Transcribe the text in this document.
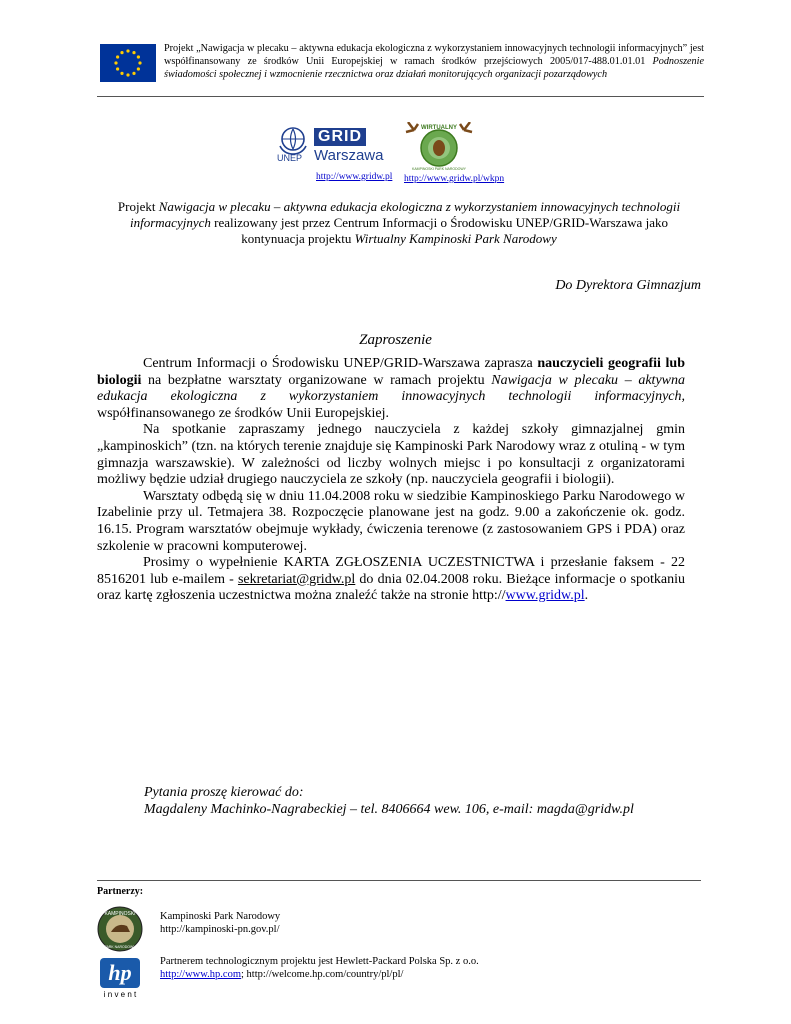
Projekt „Nawigacja w plecaku – aktywna edukacja ekologiczna z wykorzystaniem innowacyjnych technologii informacyjnych” jest współfinansowany ze środków Unii Europejskiej w ramach środków przejściowych 2005/017-488.01.01.01 Podnoszenie świadomości społecznej i wzmocnienie rzecznictwa oraz działań monitorujących organizacji pozarządowych
UNEP
GRID
Warszawa
WIRTUALNY
KAMPINOSKI PARK NARODOWY
http://www.gridw.pl http://www.gridw.pl/wkpn
Projekt Nawigacja w plecaku – aktywna edukacja ekologiczna z wykorzystaniem innowacyjnych technologii informacyjnych realizowany jest przez Centrum Informacji o Środowisku UNEP/GRID-Warszawa jako kontynuacja projektu Wirtualny Kampinoski Park Narodowy
Do Dyrektora Gimnazjum
Zaproszenie

Centrum Informacji o Środowisku UNEP/GRID-Warszawa zaprasza nauczycieli geografii lub biologii na bezpłatne warsztaty organizowane w ramach projektu Nawigacja w plecaku – aktywna edukacja ekologiczna z wykorzystaniem innowacyjnych technologii informacyjnych, współfinansowanego ze środków Unii Europejskiej.

Na spotkanie zapraszamy jednego nauczyciela z każdej szkoły gimnazjalnej gmin „kampinoskich” (tzn. na których terenie znajduje się Kampinoski Park Narodowy wraz z otuliną - w tym gimnazja warszawskie). W zależności od liczby wolnych miejsc i po konsultacji z organizatorami możliwy będzie udział drugiego nauczyciela ze szkoły (np. nauczyciela geografii i biologii).

Warsztaty odbędą się w dniu 11.04.2008 roku w siedzibie Kampinoskiego Parku Narodowego w Izabelinie przy ul. Tetmajera 38. Rozpoczęcie planowane jest na godz. 9.00 a zakończenie ok. godz. 16.15. Program warsztatów obejmuje wykłady, ćwiczenia terenowe (z zastosowaniem GPS i PDA) oraz szkolenie w pracowni komputerowej.

Prosimy o wypełnienie KARTA ZGŁOSZENIA UCZESTNICTWA i przesłanie faksem - 22 8516201 lub e-mailem - sekretariat@gridw.pl do dnia 02.04.2008 roku. Bieżące informacje o spotkaniu oraz kartę zgłoszenia uczestnictwa można znaleźć także na stronie http://www.gridw.pl.

Pytania proszę kierować do:
Magdaleny Machinko-Nagrabeckiej – tel. 8406664 wew. 106, e-mail: magda@gridw.pl
Partnerzy:
KAMPINOSKI
PARK NARODOWY
Kampinoski Park Narodowy
http://kampinoski-pn.gov.pl/
hp
i n v e n t
Partnerem technologicznym projektu jest Hewlett-Packard Polska Sp. z o.o.
http://www.hp.com; http://welcome.hp.com/country/pl/pl/
